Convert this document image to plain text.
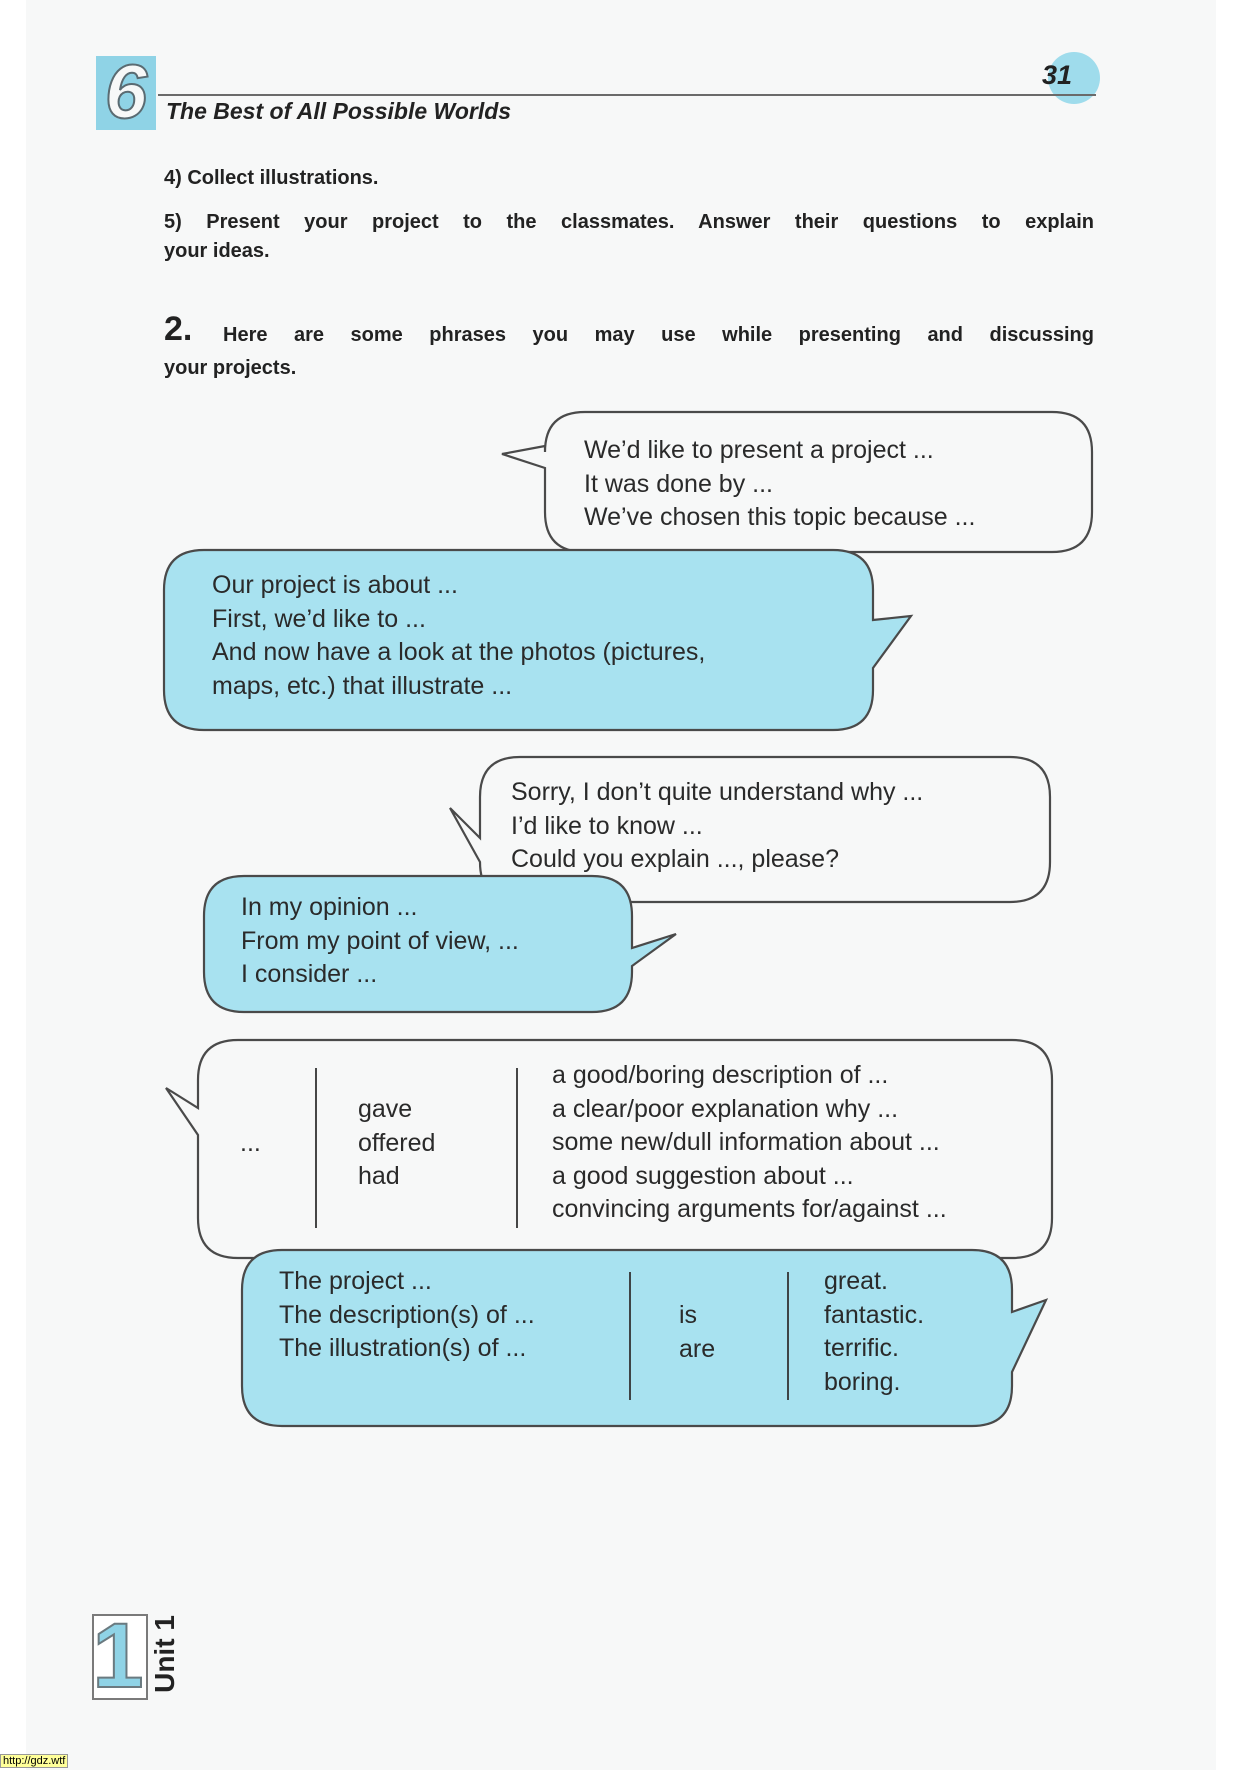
31
6 The Best of All Possible Worlds
4) Collect illustrations.
5) Present your project to the classmates. Answer their questions to explain
your ideas.
2. Here are some phrases you may use while presenting and discussing
your projects.
We’d like to present a project ...
It was done by ...
We’ve chosen this topic because ...
Our project is about ...
First, we’d like to ...
And now have a look at the photos (pictures,
maps, etc.) that illustrate ...
Sorry, I don’t quite understand why ...
I’d like to know ...
Could you explain ..., please?
In my opinion ...
From my point of view, ...
I consider ...
...
gave
offered
had
a good/boring description of ...
a clear/poor explanation why ...
some new/dull information about ...
a good suggestion about ...
convincing arguments for/against ...
The project ...
The description(s) of ...
The illustration(s) of ...
is
are
great.
fantastic.
terrific.
boring.
1 Unit 1
http://gdz.wtf
